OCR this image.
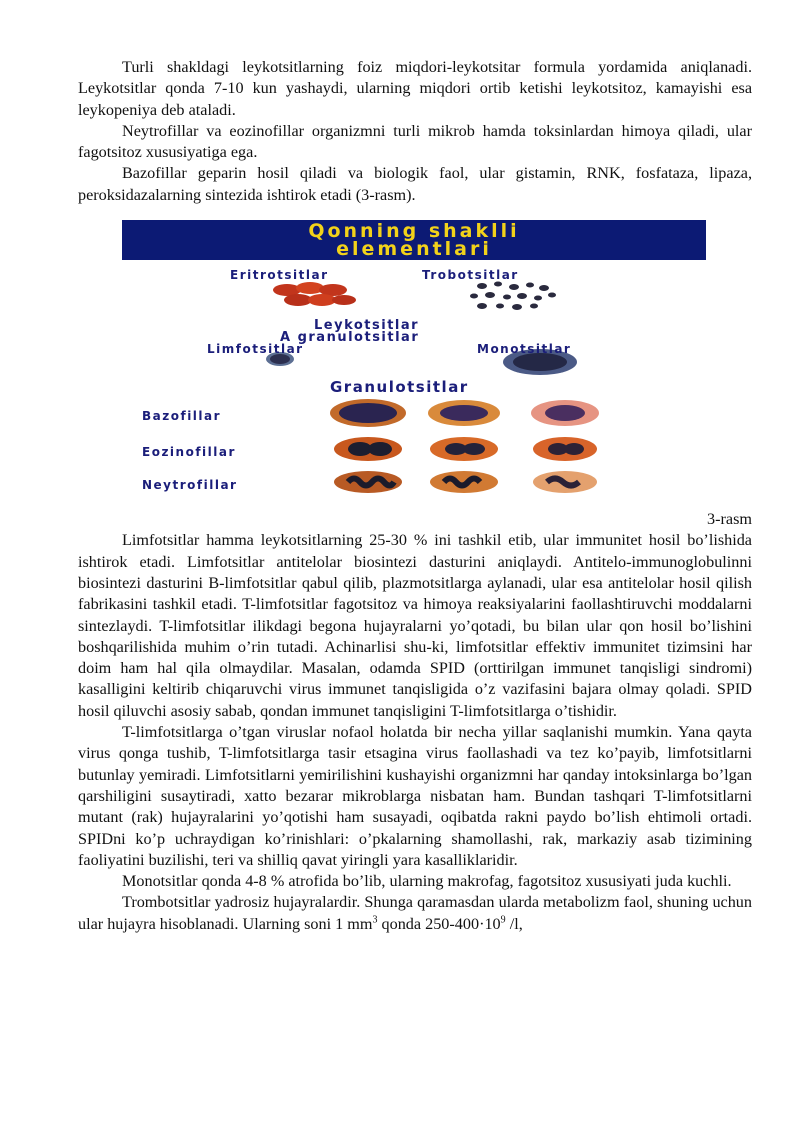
Turli shakldagi leykotsitlarning foiz miqdori-leykotsitar formula yordamida aniqlanadi. Leykotsitlar qonda 7-10 kun yashaydi, ularning miqdori ortib ketishi leykotsitoz, kamayishi esa leykopeniya deb ataladi.

Neytrofillar va eozinofillar organizmni turli mikrob hamda toksinlardan himoya qiladi, ular fagotsitoz xususiyatiga ega.

Bazofillar geparin hosil qiladi va biologik faol, ular gistamin, RNK, fosfataza, lipaza, peroksidazalarning sintezida ishtirok etadi (3-rasm).

Qonning shaklli
elementlari
Eritrotsitlar	Trobotsitlar
Leykotsitlar
A granulotsitlar
Limfotsitlar	Monotsitlar
Granulotsitlar
Bazofillar
Eozinofillar
Neytrofillar

3-rasm

Limfotsitlar hamma leykotsitlarning 25-30 % ini tashkil etib, ular immunitet hosil bo’lishida ishtirok etadi. Limfotsitlar antitelolar biosintezi dasturini aniqlaydi. Antitelo-immunoglobulinni biosintezi dasturini B-limfotsitlar qabul qilib, plazmotsitlarga aylanadi, ular esa antitelolar hosil qilish fabrikasini tashkil etadi. T-limfotsitlar fagotsitoz va himoya reaksiyalarini faollashtiruvchi moddalarni sintezlaydi. T-limfotsitlar ilikdagi begona hujayralarni yo’qotadi, bu bilan ular qon hosil bo’lishini boshqarilishida muhim o’rin tutadi. Achinarlisi shu-ki, limfotsitlar effektiv immunitet tizimsini har doim ham hal qila olmaydilar. Masalan, odamda SPID (orttirilgan immunet tanqisligi sindromi) kasalligini keltirib chiqaruvchi virus immunet tanqisligida o’z vazifasini bajara olmay qoladi. SPID hosil qiluvchi asosiy sabab, qondan immunet tanqisligini T-limfotsitlarga o’tishidir.

T-limfotsitlarga o’tgan viruslar nofaol holatda bir necha yillar saqlanishi mumkin. Yana qayta virus qonga tushib, T-limfotsitlarga tasir etsagina virus faollashadi va tez ko’payib, limfotsitlarni butunlay yemiradi. Limfotsitlarni yemirilishini kushayishi organizmni har qanday intoksinlarga bo’lgan qarshiligini susaytiradi, xatto bezarar mikroblarga nisbatan ham. Bundan tashqari T-limfotsitlarni mutant (rak) hujayralarini yo’qotishi ham susayadi, oqibatda rakni paydo bo’lish ehtimoli ortadi. SPIDni ko’p uchraydigan ko’rinishlari: o’pkalarning shamollashi, rak, markaziy asab tizimining faoliyatini buzilishi, teri va shilliq qavat yiringli yara kasalliklaridir.

Monotsitlar qonda 4-8 % atrofida bo’lib, ularning makrofag, fagotsitoz xususiyati juda kuchli.

Trombotsitlar yadrosiz hujayralardir. Shunga qaramasdan ularda metabolizm faol, shuning uchun ular hujayra hisoblanadi. Ularning soni 1 $mm^3$ qonda $250-400\cdot 10^9$ /l,
